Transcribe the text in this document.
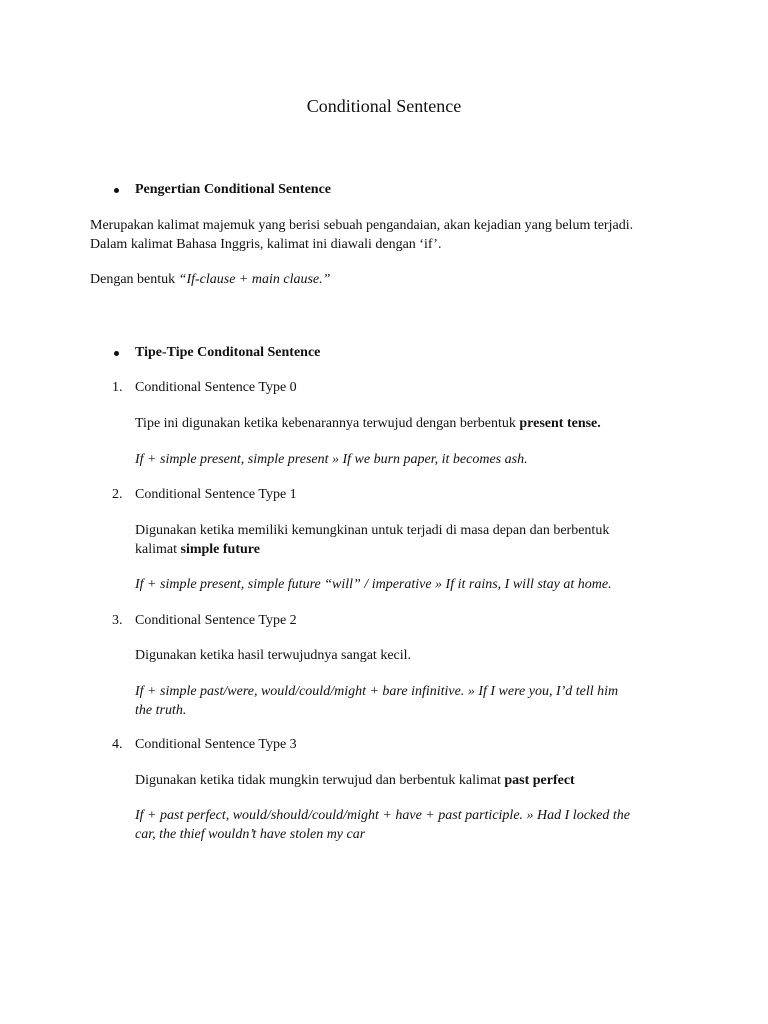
Conditional Sentence
Pengertian Conditional Sentence
Merupakan kalimat majemuk yang berisi sebuah pengandaian, akan kejadian yang belum terjadi.
Dalam kalimat Bahasa Inggris, kalimat ini diawali dengan ‘if’.
Dengan bentuk “If-clause + main clause.”
Tipe-Tipe Conditonal Sentence
1. Conditional Sentence Type 0
Tipe ini digunakan ketika kebenarannya terwujud dengan berbentuk present tense.
If + simple present, simple present » If we burn paper, it becomes ash.
2. Conditional Sentence Type 1
Digunakan ketika memiliki kemungkinan untuk terjadi di masa depan dan berbentuk
kalimat simple future
If + simple present, simple future “will” / imperative » If it rains, I will stay at home.
3. Conditional Sentence Type 2
Digunakan ketika hasil terwujudnya sangat kecil.
If + simple past/were, would/could/might + bare infinitive. » If I were you, I’d tell him
the truth.
4. Conditional Sentence Type 3
Digunakan ketika tidak mungkin terwujud dan berbentuk kalimat past perfect
If + past perfect, would/should/could/might + have + past participle. » Had I locked the
car, the thief wouldn’t have stolen my car
